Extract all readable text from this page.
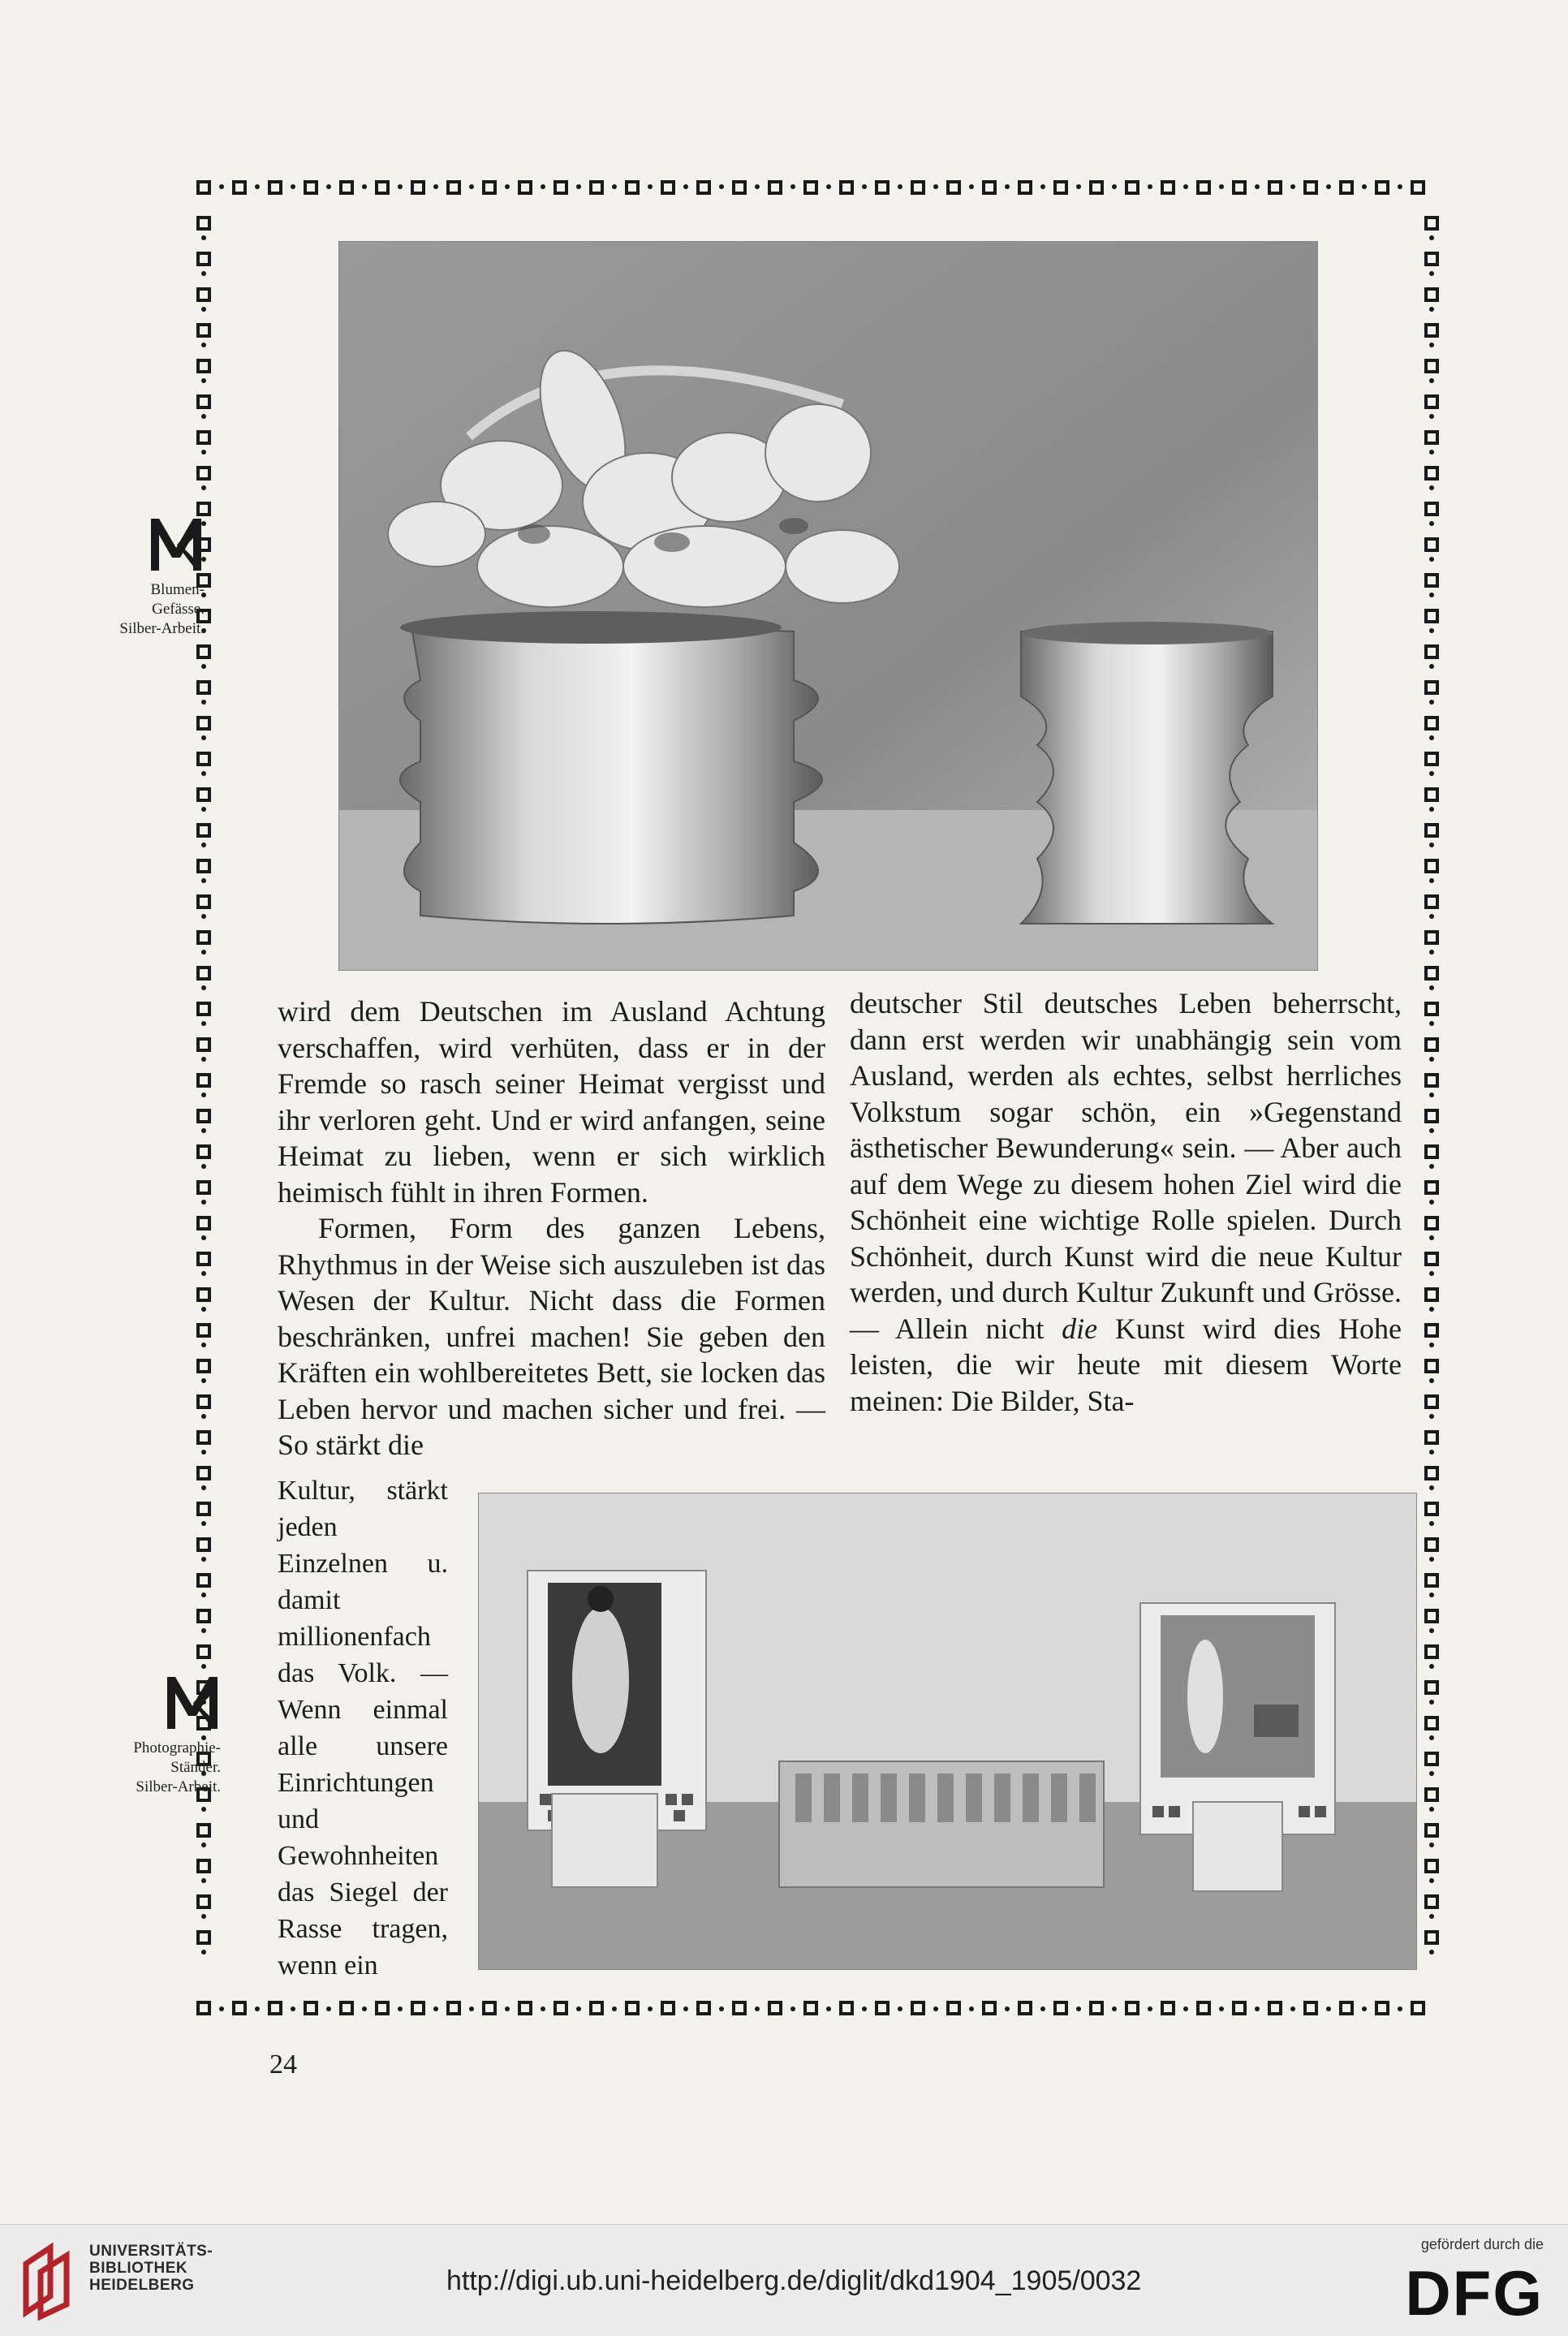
Blumen-
Gefässe.
Silber-Arbeit.

wird dem Deutschen im Ausland Achtung verschaffen, wird verhüten, dass er in der Fremde so rasch seiner Heimat vergisst und ihr verloren geht. Und er wird anfangen, seine Heimat zu lieben, wenn er sich wirklich heimisch fühlt in ihren Formen.

Formen, Form des ganzen Lebens, Rhythmus in der Weise sich auszuleben ist das Wesen der Kultur. Nicht dass die Formen beschränken, unfrei machen! Sie geben den Kräften ein wohlbereitetes Bett, sie locken das Leben hervor und machen sicher und frei. — So stärkt die

deutscher Stil deutsches Leben beherrscht, dann erst werden wir unabhängig sein vom Ausland, werden als echtes, selbst herrliches Volkstum sogar schön, ein »Gegenstand ästhetischer Bewunderung« sein. — Aber auch auf dem Wege zu diesem hohen Ziel wird die Schönheit eine wichtige Rolle spielen. Durch Schönheit, durch Kunst wird die neue Kultur werden, und durch Kultur Zukunft und Grösse. — Allein nicht die Kunst wird dies Hohe leisten, die wir heute mit diesem Worte meinen: Die Bilder, Sta-

Kultur, stärkt jeden Einzelnen u. damit millionenfach das Volk. — Wenn einmal alle unsere Einrichtungen und Gewohnheiten das Siegel der Rasse tragen, wenn ein

Photographie-
Ständer.
Silber-Arbeit.
24
UNIVERSITÄTS-
BIBLIOTHEK
HEIDELBERG	http://digi.ub.uni-heidelberg.de/diglit/dkd1904_1905/0032
gefördert durch die
DFG
